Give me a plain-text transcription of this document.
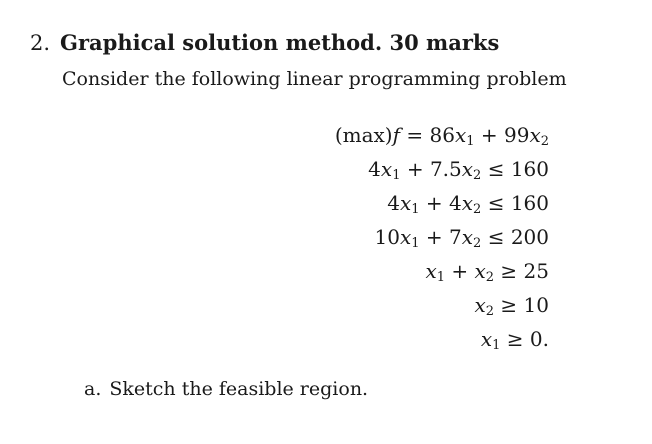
2. Graphical solution method. 30 marks
Consider the following linear programming problem
$(\max)f = 86x_1 + 99x_2$
$4x_1 + 7.5x_2 \le 160$
$4x_1 + 4x_2 \le 160$
$10x_1 + 7x_2 \le 200$
$x_1 + x_2 \ge 25$
$x_2 \ge 10$
$x_1 \ge 0$.
a. Sketch the feasible region.
